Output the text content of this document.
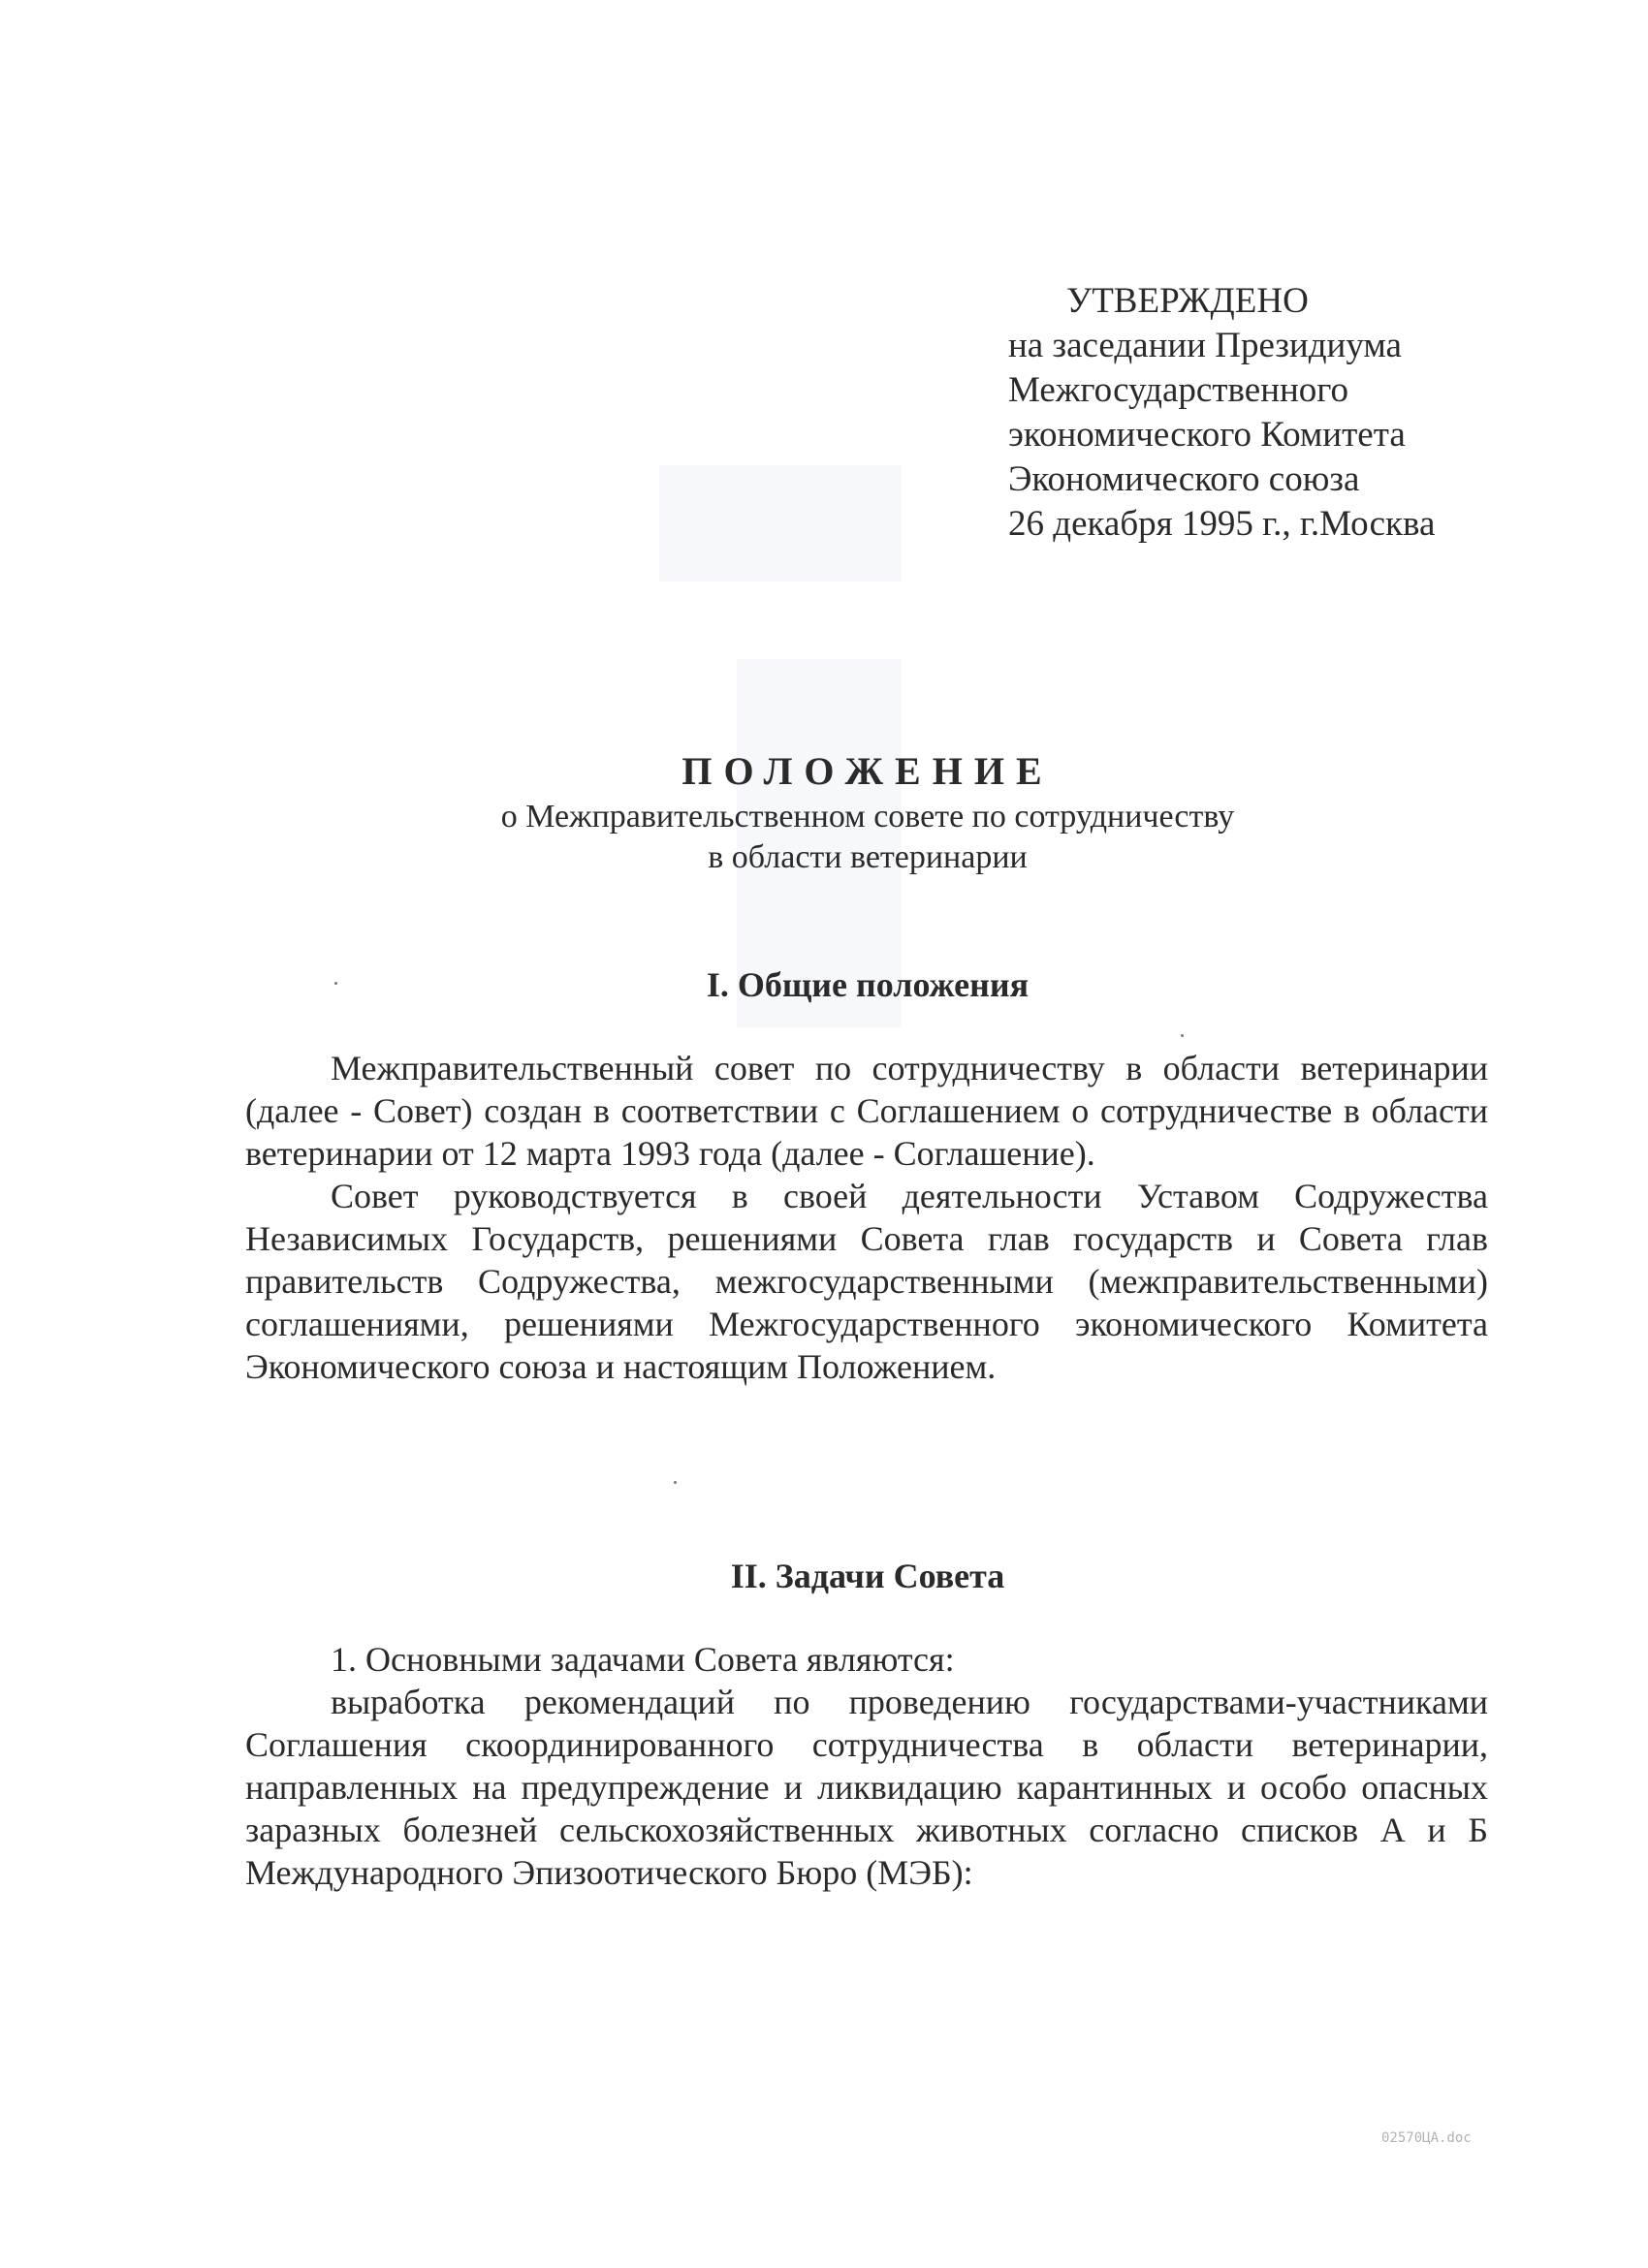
УТВЕРЖДЕНО
на заседании Президиума
Межгосударственного
экономического Комитета
Экономического союза
26 декабря 1995 г., г.Москва
ПОЛОЖЕНИЕ
о Межправительственном совете по сотрудничеству
в области ветеринарии
I. Общие положения

Межправительственный совет по сотрудничеству в области ветеринарии (далее - Совет) создан в соответствии с Соглашением о сотрудничестве в области ветеринарии от 12 марта 1993 года (далее - Соглашение).

Совет руководствуется в своей деятельности Уставом Содружества Независимых Государств, решениями Совета глав государств и Совета глав правительств Содружества, межгосударственными (межправительственными) соглашениями, решениями Межгосударственного экономического Комитета Экономического союза и настоящим Положением.

II. Задачи Совета

1. Основными задачами Совета являются:

выработка рекомендаций по проведению государствами-участниками Соглашения скоординированного сотрудничества в области ветеринарии, направленных на предупреждение и ликвидацию карантинных и особо опасных заразных болезней сельскохозяйственных животных согласно списков А и Б Международного Эпизоотического Бюро (МЭБ):

02570ЦА.doc
